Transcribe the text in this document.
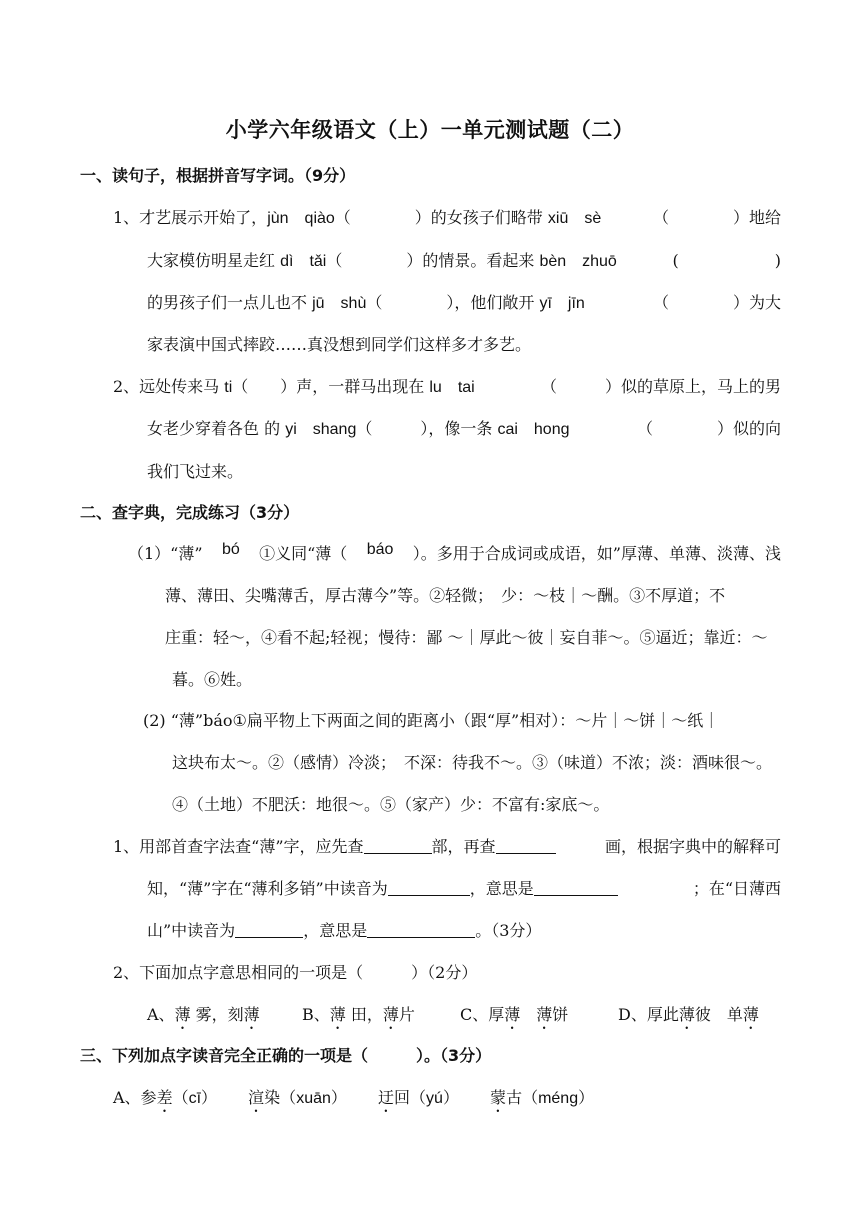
小学六年级语文（上）一单元测试题（二）
一、读句子，根据拼音写字词。（9分）
1、才艺展示开始了，jùn　qiào（　　　　）的女孩子们略带 xiū　sè	（　　　　）地给
大家模仿明星走红 dì　tǎi（　　　　）的情景。看起来 bèn　zhuō	(　　　　　　)
的男孩子们一点儿也不 jū　shù（　　　　），他们敞开 yī　jīn	（　　　　）为大
家表演中国式摔跤……真没想到同学们这样多才多艺。
2、远处传来马 ti（　　）声，一群马出现在 lu　tai	（　　　）似的草原上，马上的男
女老少穿着各色 的 yi　shang（　　　），像一条 cai　hong	（　　　　）似的向
我们飞过来。
二、查字典，完成练习（3分）
（1）“薄” bó ①义同“薄（ báo ）。多用于合成词或成语，如”厚薄、单薄、淡薄、浅
薄、薄田、尖嘴薄舌，厚古薄今”等。②轻微；　少：～枝｜～酬。③不厚道；不
庄重：轻～，④看不起;轻视；慢待：鄙 ～｜厚此～彼｜妄自菲～。⑤逼近；靠近：～
暮。⑥姓。
(2) “薄”báo①扁平物上下两面之间的距离小（跟“厚”相对）：～片｜～饼｜～纸｜
这块布太～。②（感情）冷淡；　不深：待我不～。③（味道）不浓；淡：酒味很～。
④（土地）不肥沃：地很～。⑤（家产）少：不富有:家底～。
1、用部首查字法查“薄”字，应先查	部，再查	画，根据字典中的解释可
知，“薄”字在“薄利多销”中读音为	，意思是	；在“日薄西
山”中读音为	，意思是	。（3分）
2、下面加点字意思相同的一项是（　　　）（2分）
A、薄 雾，刻薄	B、薄 田，薄片	C、厚薄　 薄饼	D、厚此薄彼　单薄
三、下列加点字读音完全正确的一项是（　　　）。（3分）
A、参差（cī） 渲染（xuān） 迂回（yú） 蒙古（méng）
